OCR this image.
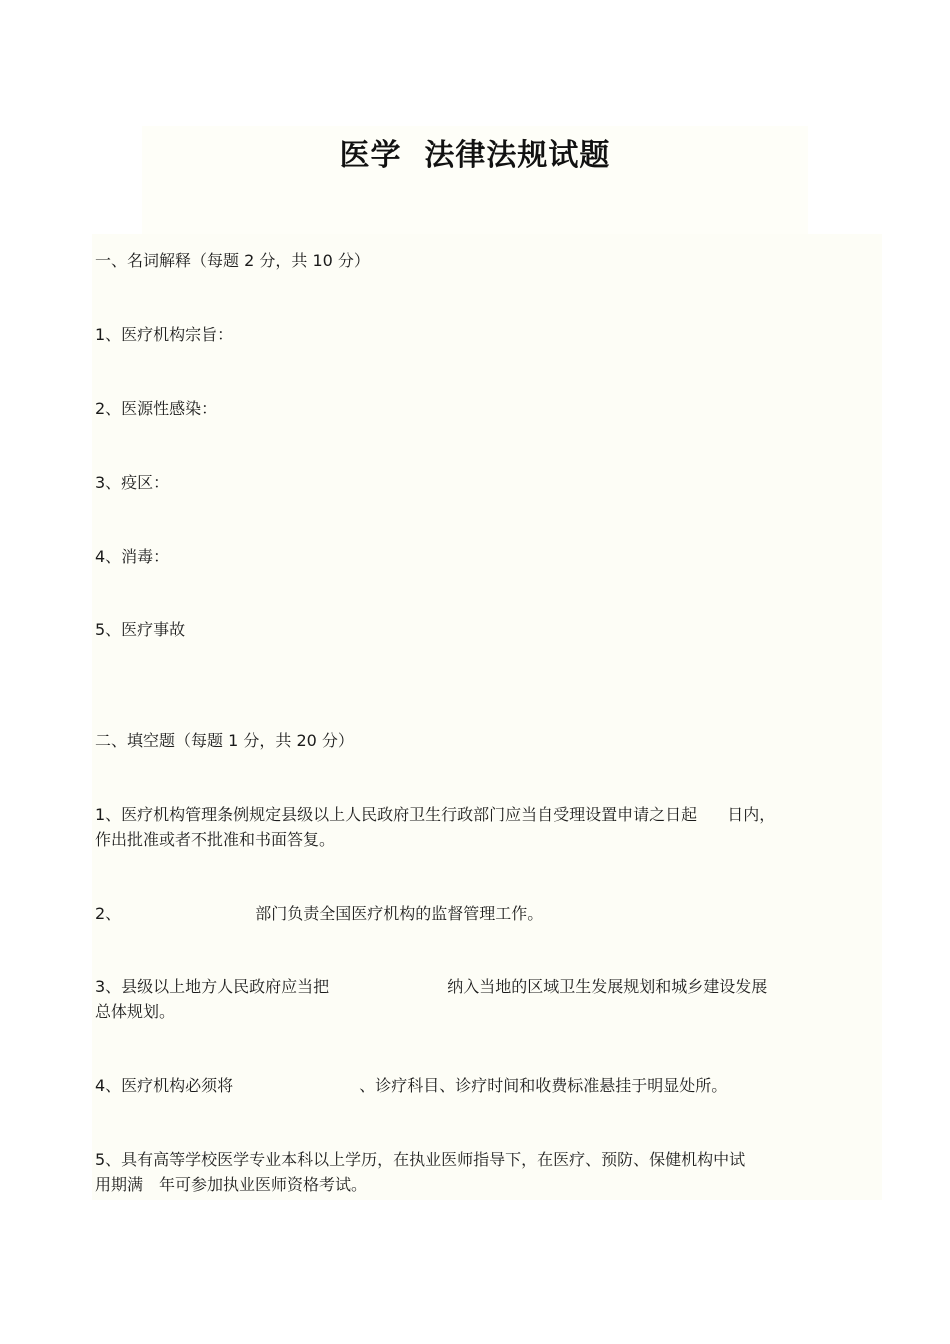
医学  法律法规试题
一、名词解释（每题 2 分，共 10 分）
1、医疗机构宗旨：
2、医源性感染：
3、疫区：
4、消毒：
5、医疗事故
二、填空题（每题 1 分，共 20 分）
1、医疗机构管理条例规定县级以上人民政府卫生行政部门应当自受理设置申请之日起 日内，
作出批准或者不批准和书面答复。
2、	部门负责全国医疗机构的监督管理工作。
3、县级以上地方人民政府应当把	纳入当地的区域卫生发展规划和城乡建设发展
总体规划。
4、医疗机构必须将	、诊疗科目、诊疗时间和收费标准悬挂于明显处所。
5、具有高等学校医学专业本科以上学历，在执业医师指导下，在医疗、预防、保健机构中试
用期满 年可参加执业医师资格考试。
